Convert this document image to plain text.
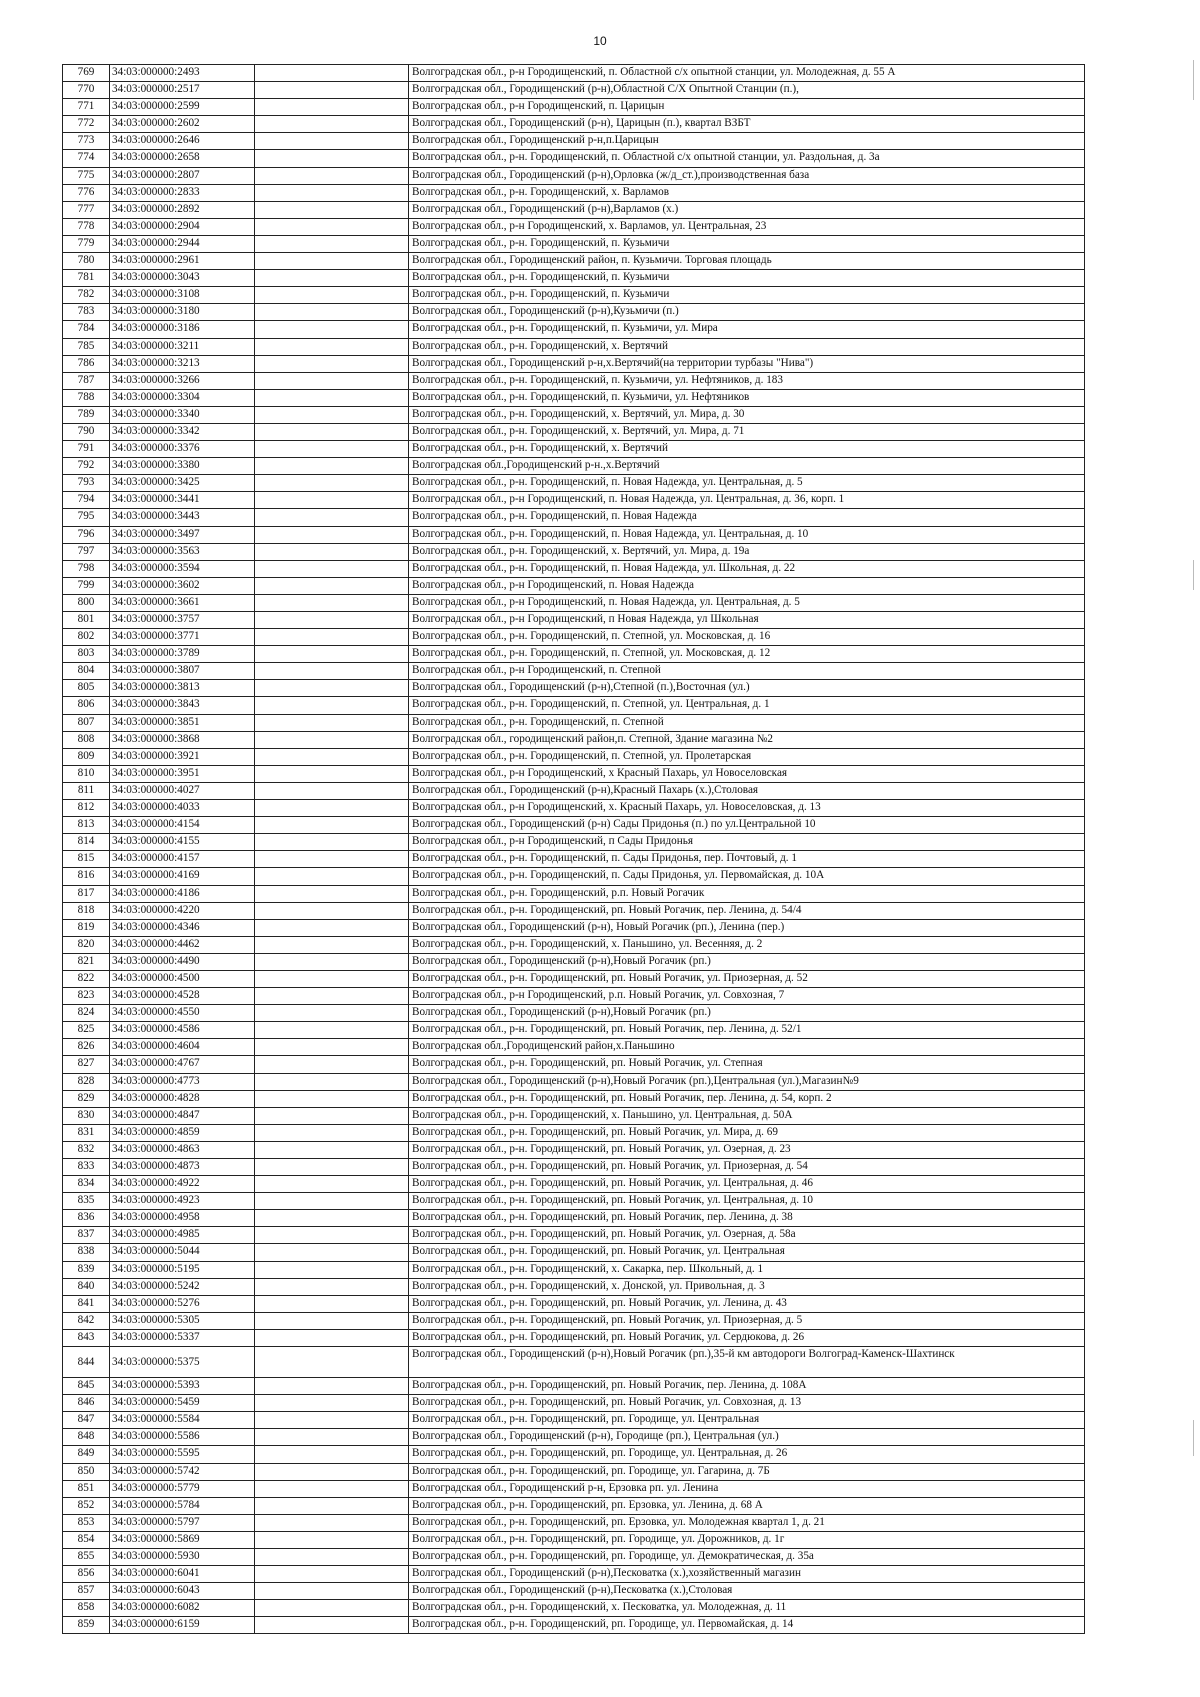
10
769	34:03:000000:2493		Волгоградская обл., р-н Городищенский, п. Областной с/х опытной станции, ул. Молодежная, д. 55 А
770	34:03:000000:2517		Волгоградская обл., Городищенский (р-н),Областной С/Х Опытной Станции (п.),
771	34:03:000000:2599		Волгоградская обл., р-н Городищенский, п. Царицын
772	34:03:000000:2602		Волгоградская обл., Городищенский (р-н), Царицын (п.), квартал ВЗБТ
773	34:03:000000:2646		Волгоградская обл., Городищенский р-н,п.Царицын
774	34:03:000000:2658		Волгоградская обл., р-н. Городищенский, п. Областной с/х опытной станции, ул. Раздольная, д. 3а
775	34:03:000000:2807		Волгоградская обл., Городищенский (р-н),Орловка (ж/д_ст.),производственная база
776	34:03:000000:2833		Волгоградская обл., р-н. Городищенский, х. Варламов
777	34:03:000000:2892		Волгоградская обл., Городищенский (р-н),Варламов (х.)
778	34:03:000000:2904		Волгоградская обл., р-н Городищенский, х. Варламов, ул. Центральная, 23
779	34:03:000000:2944		Волгоградская обл., р-н. Городищенский, п. Кузьмичи
780	34:03:000000:2961		Волгоградская обл., Городищенский район, п. Кузьмичи. Торговая площадь
781	34:03:000000:3043		Волгоградская обл., р-н. Городищенский, п. Кузьмичи
782	34:03:000000:3108		Волгоградская обл., р-н. Городищенский, п. Кузьмичи
783	34:03:000000:3180		Волгоградская обл., Городищенский (р-н),Кузьмичи (п.)
784	34:03:000000:3186		Волгоградская обл., р-н. Городищенский, п. Кузьмичи, ул. Мира
785	34:03:000000:3211		Волгоградская обл., р-н. Городищенский, х. Вертячий
786	34:03:000000:3213		Волгоградская обл., Городищенский р-н,х.Вертячий(на территории турбазы "Нива")
787	34:03:000000:3266		Волгоградская обл., р-н. Городищенский, п. Кузьмичи, ул. Нефтяников, д. 183
788	34:03:000000:3304		Волгоградская обл., р-н. Городищенский, п. Кузьмичи, ул. Нефтяников
789	34:03:000000:3340		Волгоградская обл., р-н. Городищенский, х. Вертячий, ул. Мира, д. 30
790	34:03:000000:3342		Волгоградская обл., р-н. Городищенский, х. Вертячий, ул. Мира, д. 71
791	34:03:000000:3376		Волгоградская обл., р-н. Городищенский, х. Вертячий
792	34:03:000000:3380		Волгоградская обл.,Городищенский р-н.,х.Вертячий
793	34:03:000000:3425		Волгоградская обл., р-н. Городищенский, п. Новая Надежда, ул. Центральная, д. 5
794	34:03:000000:3441		Волгоградская обл., р-н Городищенский, п. Новая Надежда, ул. Центральная, д. 36, корп. 1
795	34:03:000000:3443		Волгоградская обл., р-н. Городищенский, п. Новая Надежда
796	34:03:000000:3497		Волгоградская обл., р-н. Городищенский, п. Новая Надежда, ул. Центральная, д. 10
797	34:03:000000:3563		Волгоградская обл., р-н. Городищенский, х. Вертячий, ул. Мира, д. 19а
798	34:03:000000:3594		Волгоградская обл., р-н. Городищенский, п. Новая Надежда, ул. Школьная, д. 22
799	34:03:000000:3602		Волгоградская обл., р-н Городищенский, п. Новая Надежда
800	34:03:000000:3661		Волгоградская обл., р-н Городищенский, п. Новая Надежда, ул. Центральная, д. 5
801	34:03:000000:3757		Волгоградская обл., р-н Городищенский, п Новая Надежда, ул Школьная
802	34:03:000000:3771		Волгоградская обл., р-н. Городищенский, п. Степной, ул. Московская, д. 16
803	34:03:000000:3789		Волгоградская обл., р-н. Городищенский, п. Степной, ул. Московская, д. 12
804	34:03:000000:3807		Волгоградская обл., р-н Городищенский, п. Степной
805	34:03:000000:3813		Волгоградская обл., Городищенский (р-н),Степной (п.),Восточная (ул.)
806	34:03:000000:3843		Волгоградская обл., р-н. Городищенский, п. Степной, ул. Центральная, д. 1
807	34:03:000000:3851		Волгоградская обл., р-н. Городищенский, п. Степной
808	34:03:000000:3868		Волгоградская обл., городищенский район,п. Степной, Здание магазина №2
809	34:03:000000:3921		Волгоградская обл., р-н. Городищенский, п. Степной, ул. Пролетарская
810	34:03:000000:3951		Волгоградская обл., р-н Городищенский, х Красный Пахарь, ул Новоселовская
811	34:03:000000:4027		Волгоградская обл., Городищенский (р-н),Красный Пахарь (х.),Столовая
812	34:03:000000:4033		Волгоградская обл., р-н Городищенский, х. Красный Пахарь, ул. Новоселовская, д. 13
813	34:03:000000:4154		Волгоградская обл., Городищенский (р-н) Сады Придонья (п.) по ул.Центральной 10
814	34:03:000000:4155		Волгоградская обл., р-н Городищенский, п Сады Придонья
815	34:03:000000:4157		Волгоградская обл., р-н. Городищенский, п. Сады Придонья, пер. Почтовый, д. 1
816	34:03:000000:4169		Волгоградская обл., р-н. Городищенский, п. Сады Придонья, ул. Первомайская, д. 10А
817	34:03:000000:4186		Волгоградская обл., р-н. Городищенский, р.п. Новый Рогачик
818	34:03:000000:4220		Волгоградская обл., р-н. Городищенский, рп. Новый Рогачик, пер. Ленина, д. 54/4
819	34:03:000000:4346		Волгоградская обл., Городищенский (р-н), Новый Рогачик (рп.), Ленина (пер.)
820	34:03:000000:4462		Волгоградская обл., р-н. Городищенский, х. Паньшино, ул. Весенняя, д. 2
821	34:03:000000:4490		Волгоградская обл., Городищенский (р-н),Новый Рогачик (рп.)
822	34:03:000000:4500		Волгоградская обл., р-н. Городищенский, рп. Новый Рогачик, ул. Приозерная, д. 52
823	34:03:000000:4528		Волгоградская обл., р-н Городищенский, р.п. Новый Рогачик, ул. Совхозная, 7
824	34:03:000000:4550		Волгоградская обл., Городищенский (р-н),Новый Рогачик (рп.)
825	34:03:000000:4586		Волгоградская обл., р-н. Городищенский, рп. Новый Рогачик, пер. Ленина, д. 52/1
826	34:03:000000:4604		Волгоградская обл.,Городищенский район,х.Паньшино
827	34:03:000000:4767		Волгоградская обл., р-н. Городищенский, рп. Новый Рогачик, ул. Степная
828	34:03:000000:4773		Волгоградская обл., Городищенский (р-н),Новый Рогачик (рп.),Центральная (ул.),Магазин№9
829	34:03:000000:4828		Волгоградская обл., р-н. Городищенский, рп. Новый Рогачик, пер. Ленина, д. 54, корп. 2
830	34:03:000000:4847		Волгоградская обл., р-н. Городищенский, х. Паньшино, ул. Центральная, д. 50А
831	34:03:000000:4859		Волгоградская обл., р-н. Городищенский, рп. Новый Рогачик, ул. Мира, д. 69
832	34:03:000000:4863		Волгоградская обл., р-н. Городищенский, рп. Новый Рогачик, ул. Озерная, д. 23
833	34:03:000000:4873		Волгоградская обл., р-н. Городищенский, рп. Новый Рогачик, ул. Приозерная, д. 54
834	34:03:000000:4922		Волгоградская обл., р-н. Городищенский, рп. Новый Рогачик, ул. Центральная, д. 46
835	34:03:000000:4923		Волгоградская обл., р-н. Городищенский, рп. Новый Рогачик, ул. Центральная, д. 10
836	34:03:000000:4958		Волгоградская обл., р-н. Городищенский, рп. Новый Рогачик, пер. Ленина, д. 38
837	34:03:000000:4985		Волгоградская обл., р-н. Городищенский, рп. Новый Рогачик, ул. Озерная, д. 58а
838	34:03:000000:5044		Волгоградская обл., р-н. Городищенский, рп. Новый Рогачик, ул. Центральная
839	34:03:000000:5195		Волгоградская обл., р-н. Городищенский, х. Сакарка, пер. Школьный, д. 1
840	34:03:000000:5242		Волгоградская обл., р-н. Городищенский, х. Донской, ул. Привольная, д. 3
841	34:03:000000:5276		Волгоградская обл., р-н. Городищенский, рп. Новый Рогачик, ул. Ленина, д. 43
842	34:03:000000:5305		Волгоградская обл., р-н. Городищенский, рп. Новый Рогачик, ул. Приозерная, д. 5
843	34:03:000000:5337		Волгоградская обл., р-н. Городищенский, рп. Новый Рогачик, ул. Сердюкова, д. 26
844	34:03:000000:5375		Волгоградская обл., Городищенский (р-н),Новый Рогачик (рп.),35-й км автодороги Волгоград-Каменск-Шахтинск
845	34:03:000000:5393		Волгоградская обл., р-н. Городищенский, рп. Новый Рогачик, пер. Ленина, д. 108А
846	34:03:000000:5459		Волгоградская обл., р-н. Городищенский, рп. Новый Рогачик, ул. Совхозная, д. 13
847	34:03:000000:5584		Волгоградская обл., р-н. Городищенский, рп. Городище, ул. Центральная
848	34:03:000000:5586		Волгоградская обл., Городищенский (р-н), Городище (рп.), Центральная (ул.)
849	34:03:000000:5595		Волгоградская обл., р-н. Городищенский, рп. Городище, ул. Центральная, д. 26
850	34:03:000000:5742		Волгоградская обл., р-н. Городищенский, рп. Городище, ул. Гагарина, д. 7Б
851	34:03:000000:5779		Волгоградская обл., Городищенский р-н, Ерзовка рп. ул. Ленина
852	34:03:000000:5784		Волгоградская обл., р-н. Городищенский, рп. Ерзовка, ул. Ленина, д. 68 А
853	34:03:000000:5797		Волгоградская обл., р-н. Городищенский, рп. Ерзовка, ул. Молодежная квартал 1, д. 21
854	34:03:000000:5869		Волгоградская обл., р-н. Городищенский, рп. Городище, ул. Дорожников, д. 1г
855	34:03:000000:5930		Волгоградская обл., р-н. Городищенский, рп. Городище, ул. Демократическая, д. 35а
856	34:03:000000:6041		Волгоградская обл., Городищенский (р-н),Песковатка (х.),хозяйственный магазин
857	34:03:000000:6043		Волгоградская обл., Городищенский (р-н),Песковатка (х.),Столовая
858	34:03:000000:6082		Волгоградская обл., р-н. Городищенский, х. Песковатка, ул. Молодежная, д. 11
859	34:03:000000:6159		Волгоградская обл., р-н. Городищенский, рп. Городище, ул. Первомайская, д. 14
